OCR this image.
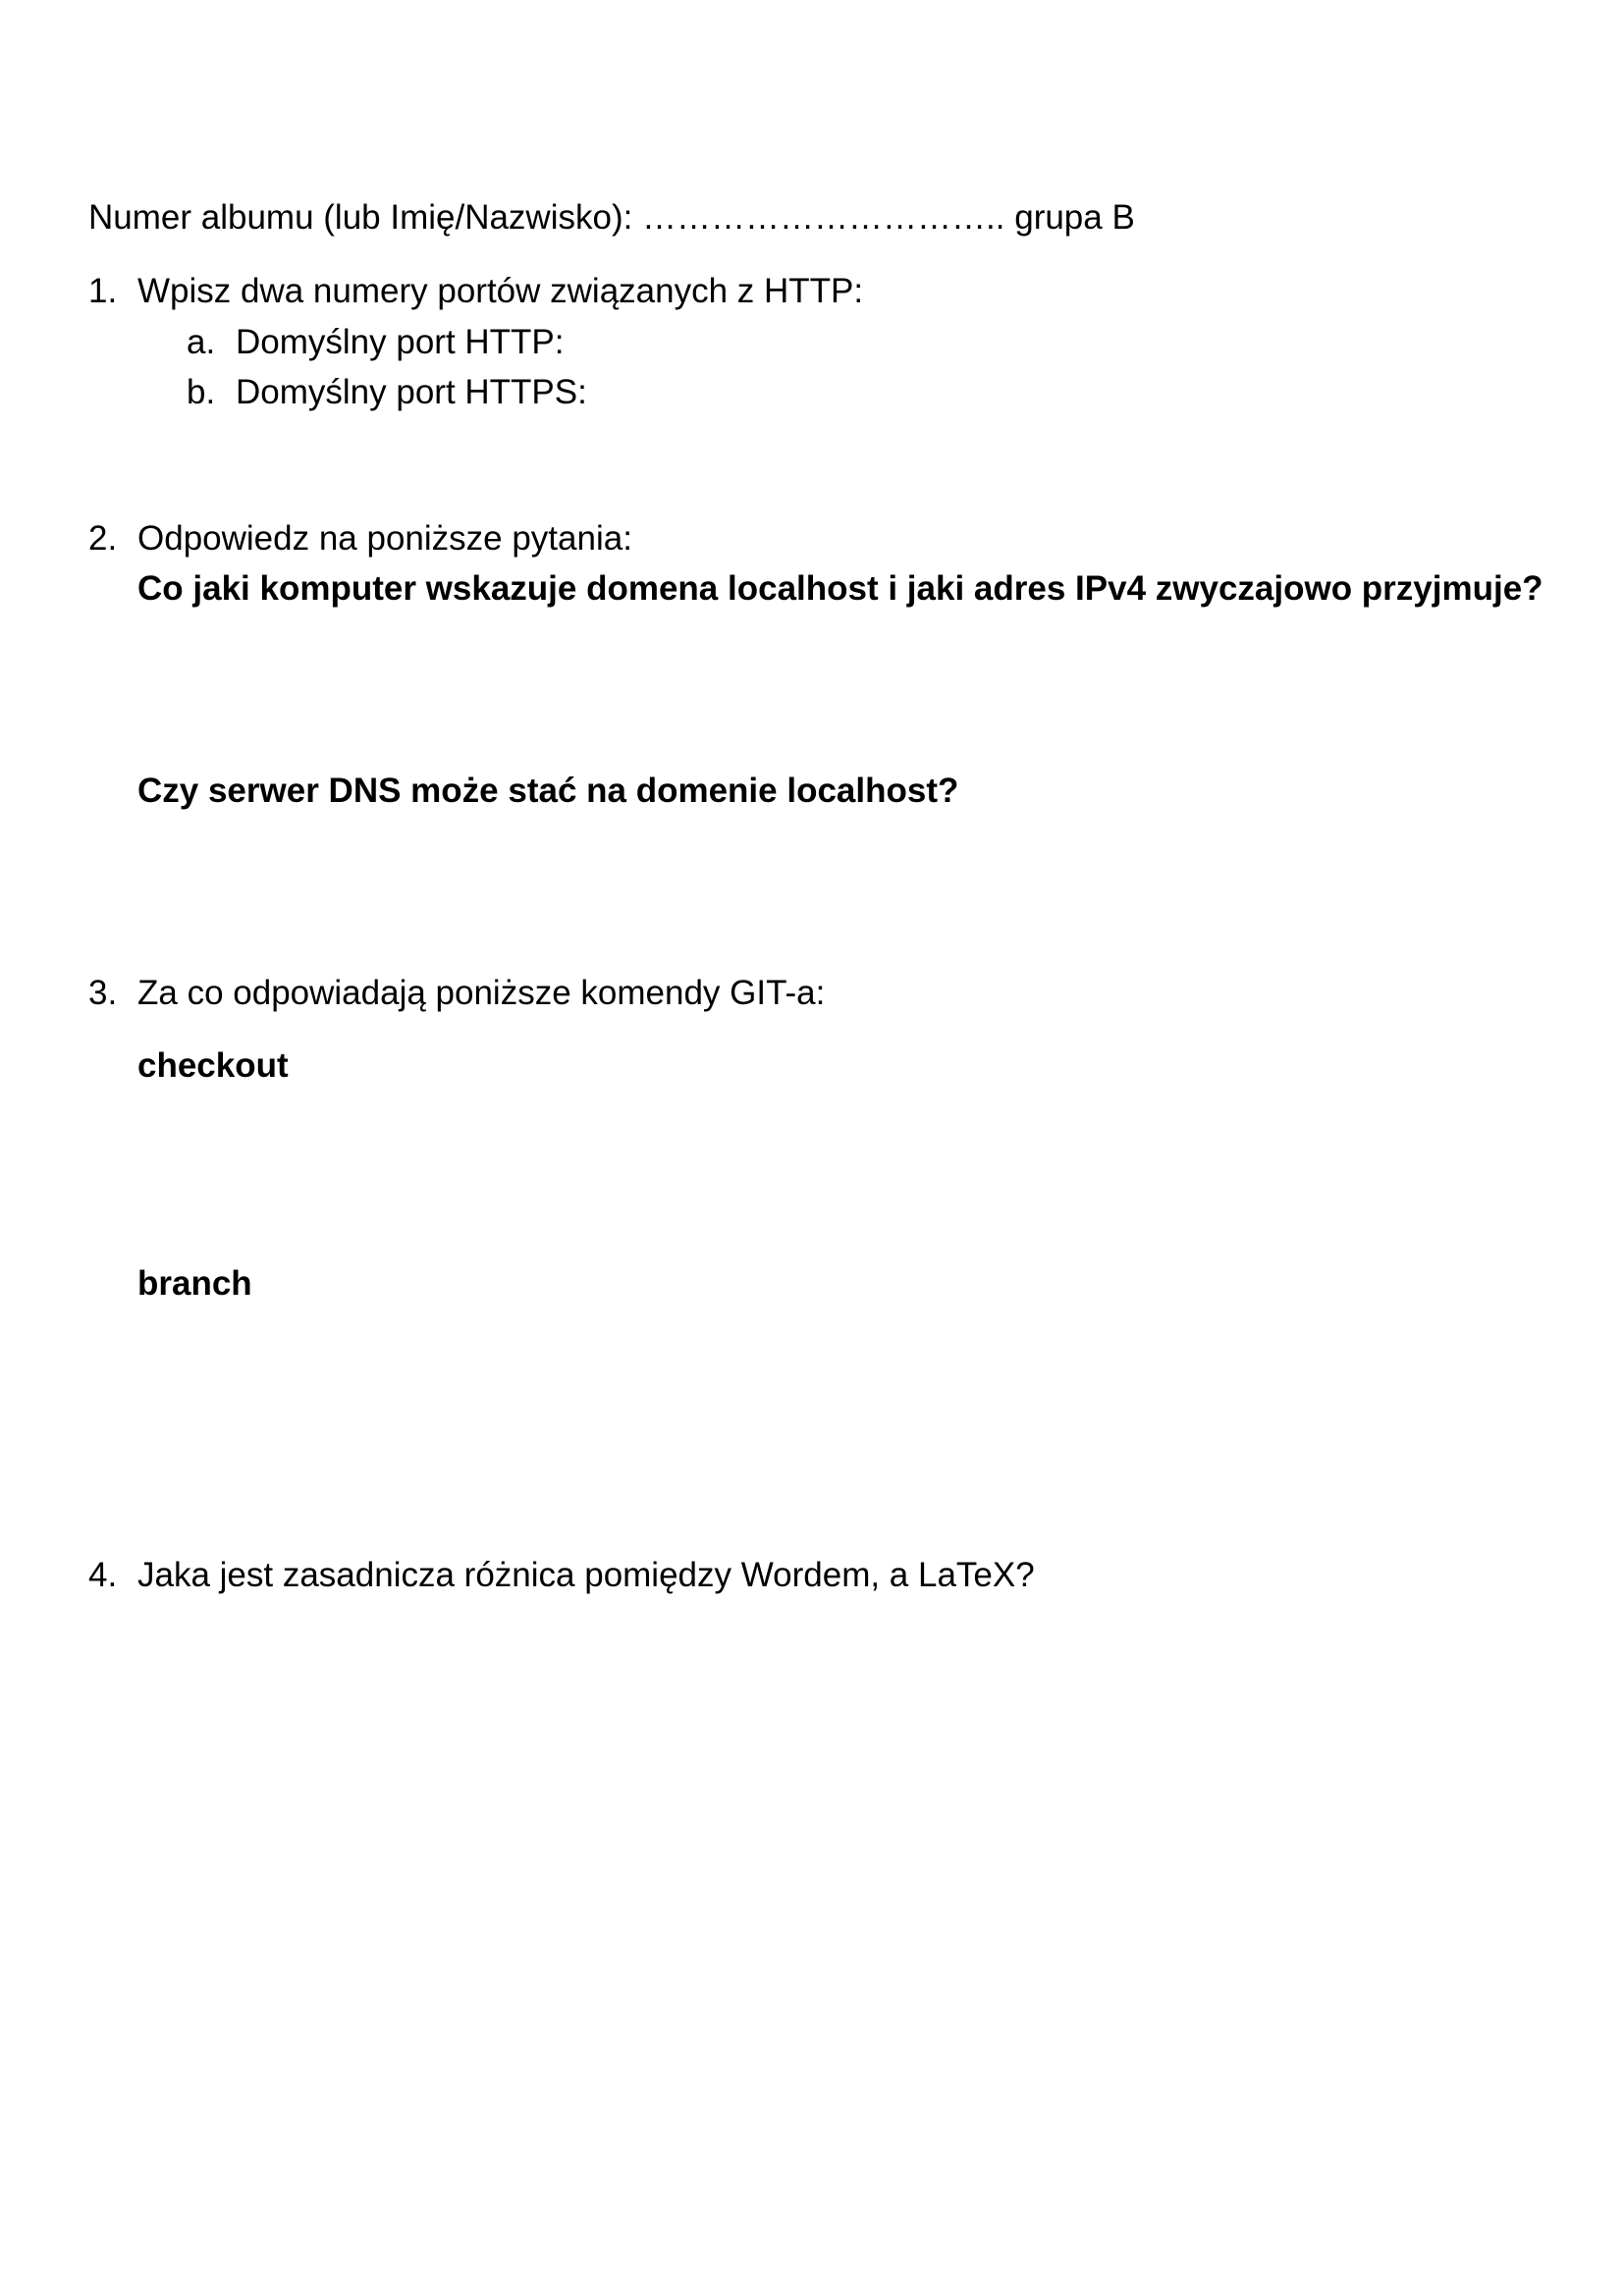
Numer albumu (lub Imię/Nazwisko): ………………………….. grupa B
1. Wpisz dwa numery portów związanych z HTTP:
a. Domyślny port HTTP:
b. Domyślny port HTTPS:
2. Odpowiedz na poniższe pytania:
Co jaki komputer wskazuje domena localhost i jaki adres IPv4 zwyczajowo przyjmuje?
Czy serwer DNS może stać na domenie localhost?
3. Za co odpowiadają poniższe komendy GIT-a:
checkout
branch
4. Jaka jest zasadnicza różnica pomiędzy Wordem, a LaTeX?
